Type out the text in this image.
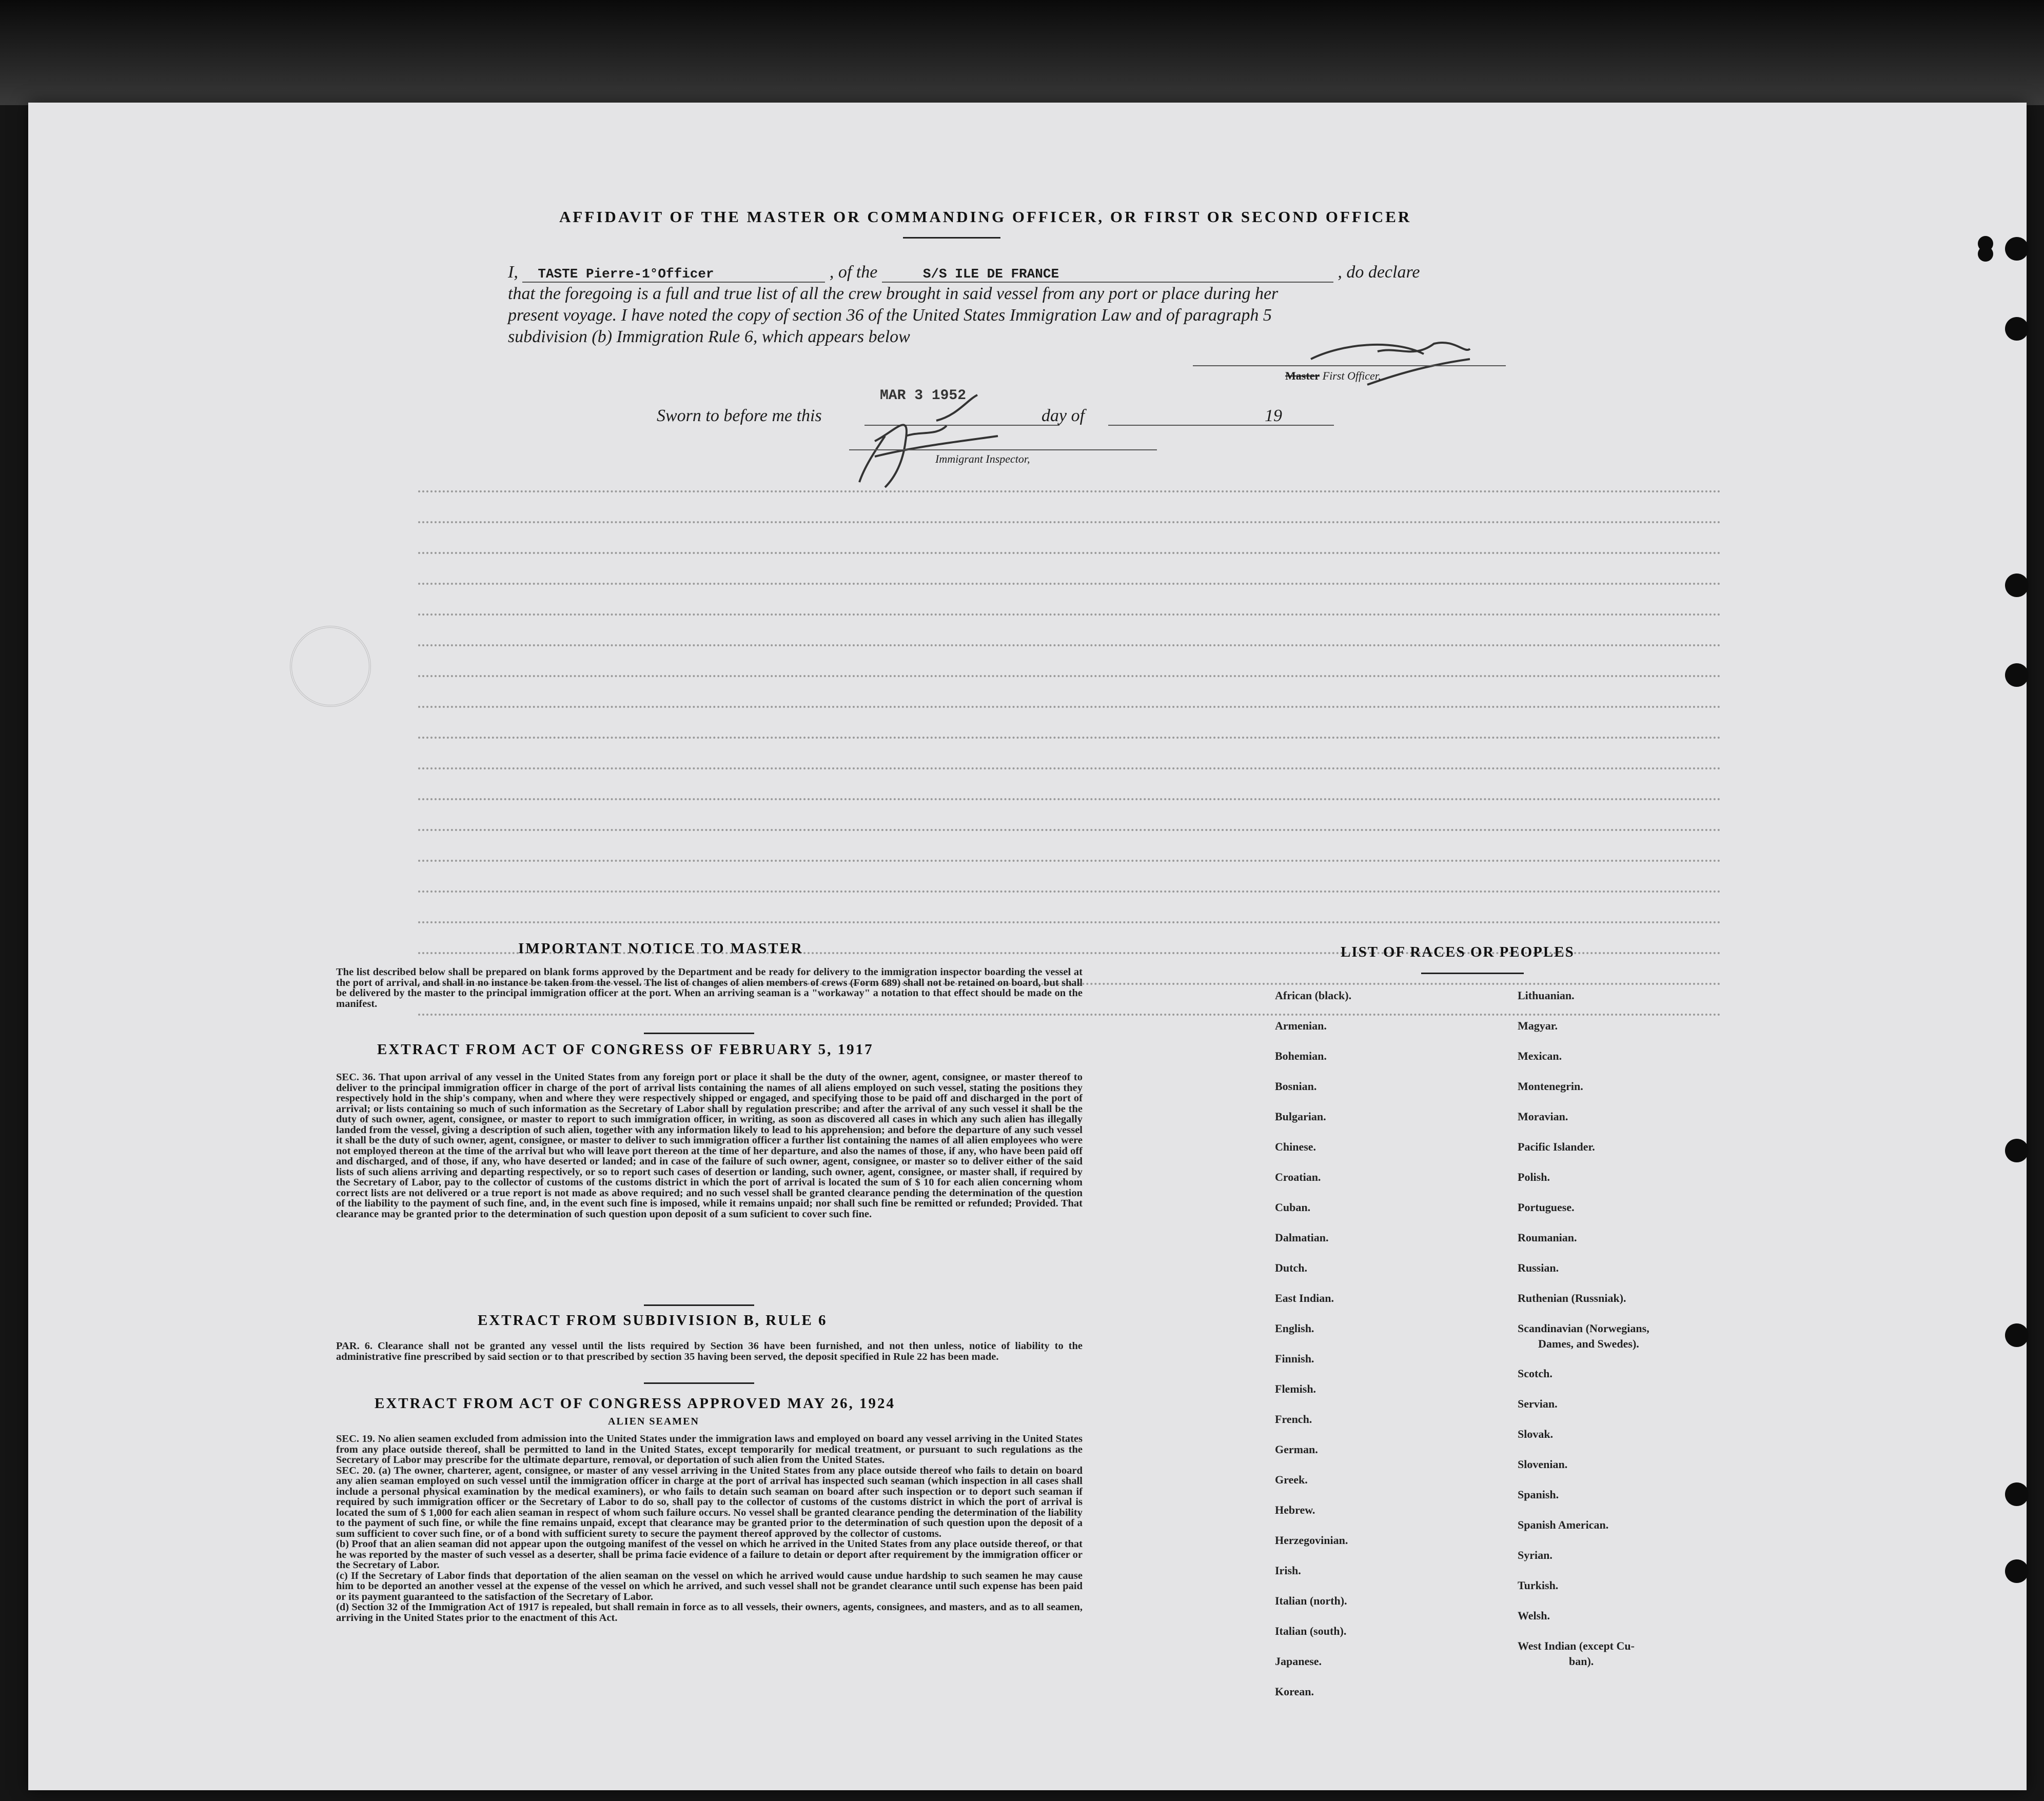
AFFIDAVIT OF THE MASTER OR COMMANDING OFFICER, OR FIRST OR SECOND OFFICER
I, TASTE Pierre-1°Officer	, of the	S/S ILE DE FRANCE	, do declare
that the foregoing is a full and true list of all the crew brought in said vessel from any port or place during her
present voyage. I have noted the copy of section 36 of the United States Immigration Law and of paragraph 5
subdivision (b) Immigration Rule 6, which appears below
Master First Officer,
MAR 3 1952
Sworn to before me this	day of	19
Immigrant Inspector,
IMPORTANT NOTICE TO MASTER
The list described below shall be prepared on blank forms approved by the Department and be ready for delivery to the immigration inspector boarding the vessel at the port of arrival, and shall in no instance be taken from the vessel. The list of changes of alien members of crews (Form 689) shall not be retained on board, but shall be delivered by the master to the principal immigration officer at the port. When an arriving seaman is a "workaway" a notation to that effect should be made on the manifest.
EXTRACT FROM ACT OF CONGRESS OF FEBRUARY 5, 1917
SEC. 36. That upon arrival of any vessel in the United States from any foreign port or place it shall be the duty of the owner, agent, consignee, or master thereof to deliver to the principal immigration officer in charge of the port of arrival lists containing the names of all aliens employed on such vessel, stating the positions they respectively hold in the ship's company, when and where they were respectively shipped or engaged, and specifying those to be paid off and discharged in the port of arrival; or lists containing so much of such information as the Secretary of Labor shall by regulation prescribe; and after the arrival of any such vessel it shall be the duty of such owner, agent, consignee, or master to report to such immigration officer, in writing, as soon as discovered all cases in which any such alien has illegally landed from the vessel, giving a description of such alien, together with any information likely to lead to his apprehension; and before the departure of any such vessel it shall be the duty of such owner, agent, consignee, or master to deliver to such immigration officer a further list containing the names of all alien employees who were not employed thereon at the time of the arrival but who will leave port thereon at the time of her departure, and also the names of those, if any, who have been paid off and discharged, and of those, if any, who have deserted or landed; and in case of the failure of such owner, agent, consignee, or master so to deliver either of the said lists of such aliens arriving and departing respectively, or so to report such cases of desertion or landing, such owner, agent, consignee, or master shall, if required by the Secretary of Labor, pay to the collector of customs of the customs district in which the port of arrival is located the sum of $ 10 for each alien concerning whom correct lists are not delivered or a true report is not made as above required; and no such vessel shall be granted clearance pending the determination of the question of the liability to the payment of such fine, and, in the event such fine is imposed, while it remains unpaid; nor shall such fine be remitted or refunded; Provided. That clearance may be granted prior to the determination of such question upon deposit of a sum suficient to cover such fine.
EXTRACT FROM SUBDIVISION B, RULE 6
PAR. 6. Clearance shall not be granted any vessel until the lists required by Section 36 have been furnished, and not then unless, notice of liability to the administrative fine prescribed by said section or to that prescribed by section 35 having been served, the deposit specified in Rule 22 has been made.
EXTRACT FROM ACT OF CONGRESS APPROVED MAY 26, 1924
ALIEN SEAMEN
SEC. 19. No alien seamen excluded from admission into the United States under the immigration laws and employed on board any vessel arriving in the United States from any place outside thereof, shall be permitted to land in the United States, except temporarily for medical treatment, or pursuant to such regulations as the Secretary of Labor may prescribe for the ultimate departure, removal, or deportation of such alien from the United States.
SEC. 20. (a) The owner, charterer, agent, consignee, or master of any vessel arriving in the United States from any place outside thereof who fails to detain on board any alien seaman employed on such vessel until the immigration officer in charge at the port of arrival has inspected such seaman (which inspection in all cases shall include a personal physical examination by the medical examiners), or who fails to detain such seaman on board after such inspection or to deport such seaman if required by such immigration officer or the Secretary of Labor to do so, shall pay to the collector of customs of the customs district in which the port of arrival is located the sum of $ 1,000 for each alien seaman in respect of whom such failure occurs. No vessel shall be granted clearance pending the determination of the liability to the payment of such fine, or while the fine remains unpaid, except that clearance may be granted prior to the determination of such question upon the deposit of a sum sufficient to cover such fine, or of a bond with sufficient surety to secure the payment thereof approved by the collector of customs.
(b) Proof that an alien seaman did not appear upon the outgoing manifest of the vessel on which he arrived in the United States from any place outside thereof, or that he was reported by the master of such vessel as a deserter, shall be prima facie evidence of a failure to detain or deport after requirement by the immigration officer or the Secretary of Labor.
(c) If the Secretary of Labor finds that deportation of the alien seaman on the vessel on which he arrived would cause undue hardship to such seamen he may cause him to be deported an another vessel at the expense of the vessel on which he arrived, and such vessel shall not be grandet clearance until such expense has been paid or its payment guaranteed to the satisfaction of the Secretary of Labor.
(d) Section 32 of the Immigration Act of 1917 is repealed, but shall remain in force as to all vessels, their owners, agents, consignees, and masters, and as to all seamen, arriving in the United States prior to the enactment of this Act.
LIST OF RACES OR PEOPLES
African (black).
Armenian.
Bohemian.
Bosnian.
Bulgarian.
Chinese.
Croatian.
Cuban.
Dalmatian.
Dutch.
East Indian.
English.
Finnish.
Flemish.
French.
German.
Greek.
Hebrew.
Herzegovinian.
Irish.
Italian (north).
Italian (south).
Japanese.
Korean.
Lithuanian.
Magyar.
Mexican.
Montenegrin.
Moravian.
Pacific Islander.
Polish.
Portuguese.
Roumanian.
Russian.
Ruthenian (Russniak).
Scandinavian (Norwegians,
Dames, and Swedes).
Scotch.
Servian.
Slovak.
Slovenian.
Spanish.
Spanish American.
Syrian.
Turkish.
Welsh.
West Indian (except Cu-
ban).
